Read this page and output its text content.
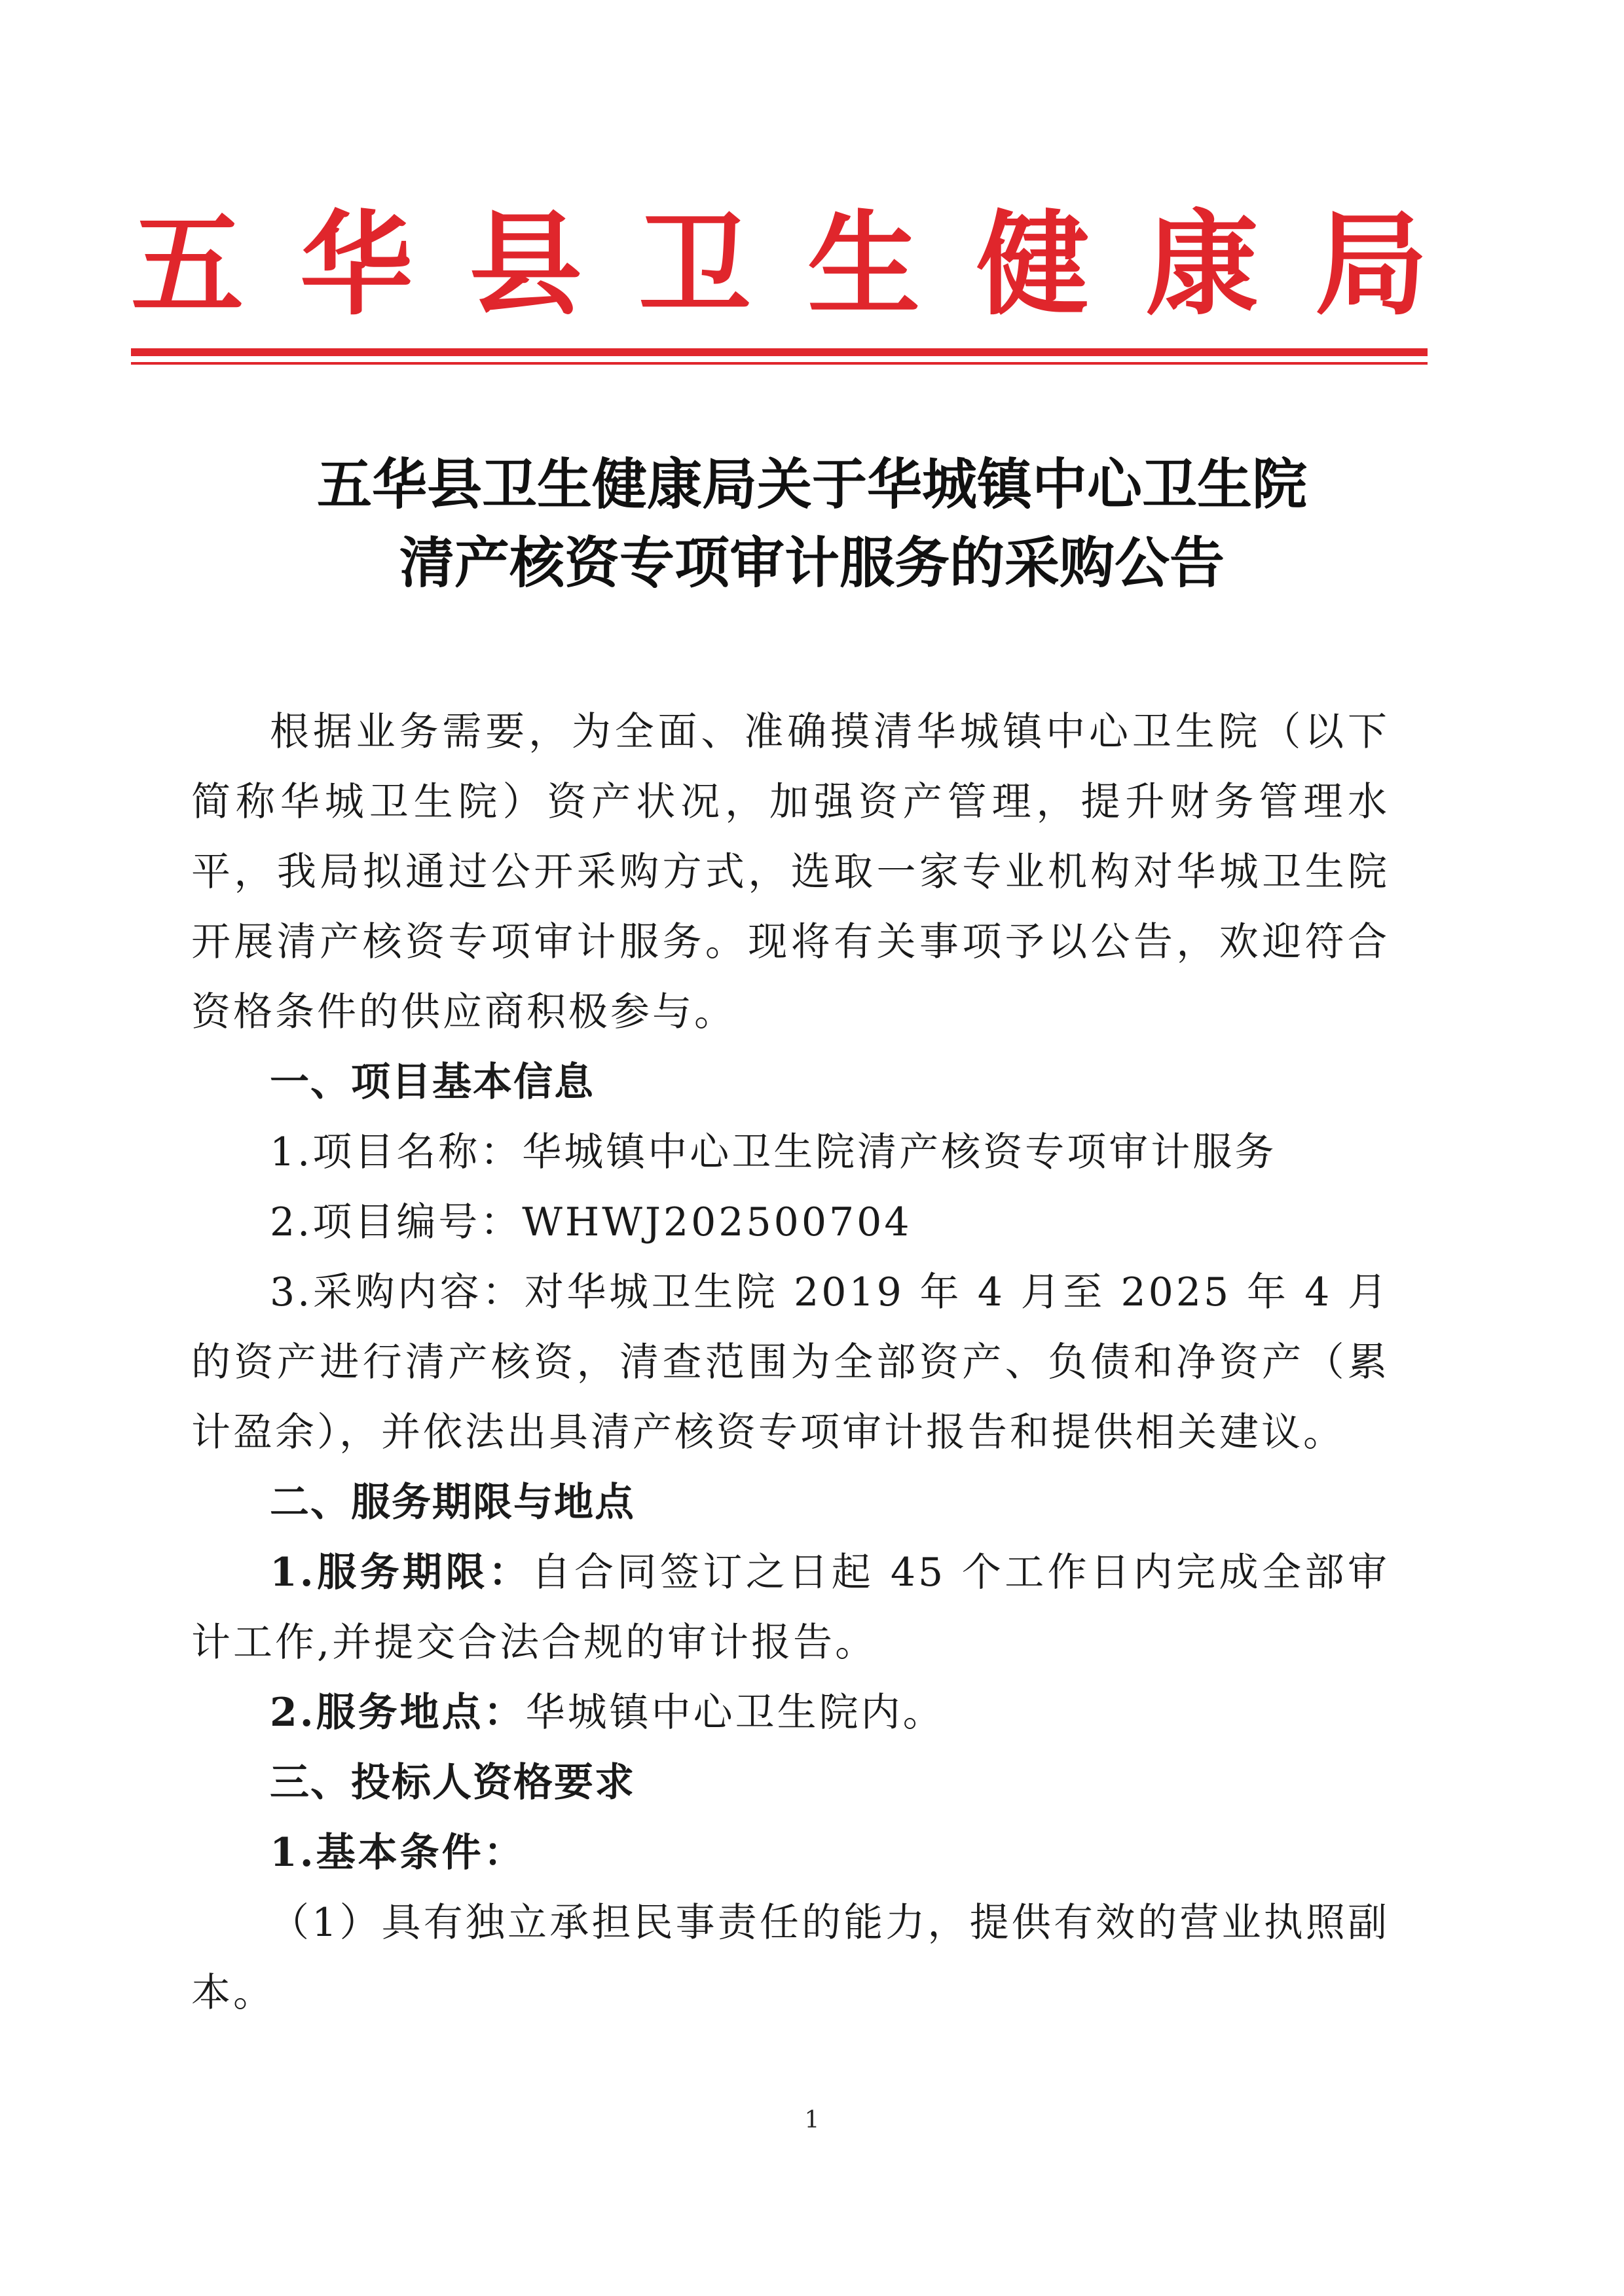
五 华 县 卫 生 健 康 局
五华县卫生健康局关于华城镇中心卫生院
清产核资专项审计服务的采购公告

根据业务需要，为全面、准确摸清华城镇中心卫生院（以下简称华城卫生院）资产状况，加强资产管理，提升财务管理水平，我局拟通过公开采购方式，选取一家专业机构对华城卫生院开展清产核资专项审计服务。现将有关事项予以公告，欢迎符合资格条件的供应商积极参与。

一、项目基本信息

1.项目名称：华城镇中心卫生院清产核资专项审计服务

2.项目编号：WHWJ202500704

3.采购内容：对华城卫生院 2019 年 4 月至 2025 年 4 月的资产进行清产核资，清查范围为全部资产、负债和净资产（累计盈余），并依法出具清产核资专项审计报告和提供相关建议。

二、服务期限与地点

1.服务期限：自合同签订之日起 45 个工作日内完成全部审计工作,并提交合法合规的审计报告。

2.服务地点：华城镇中心卫生院内。

三、投标人资格要求

1.基本条件：

（1）具有独立承担民事责任的能力，提供有效的营业执照副本。

1
